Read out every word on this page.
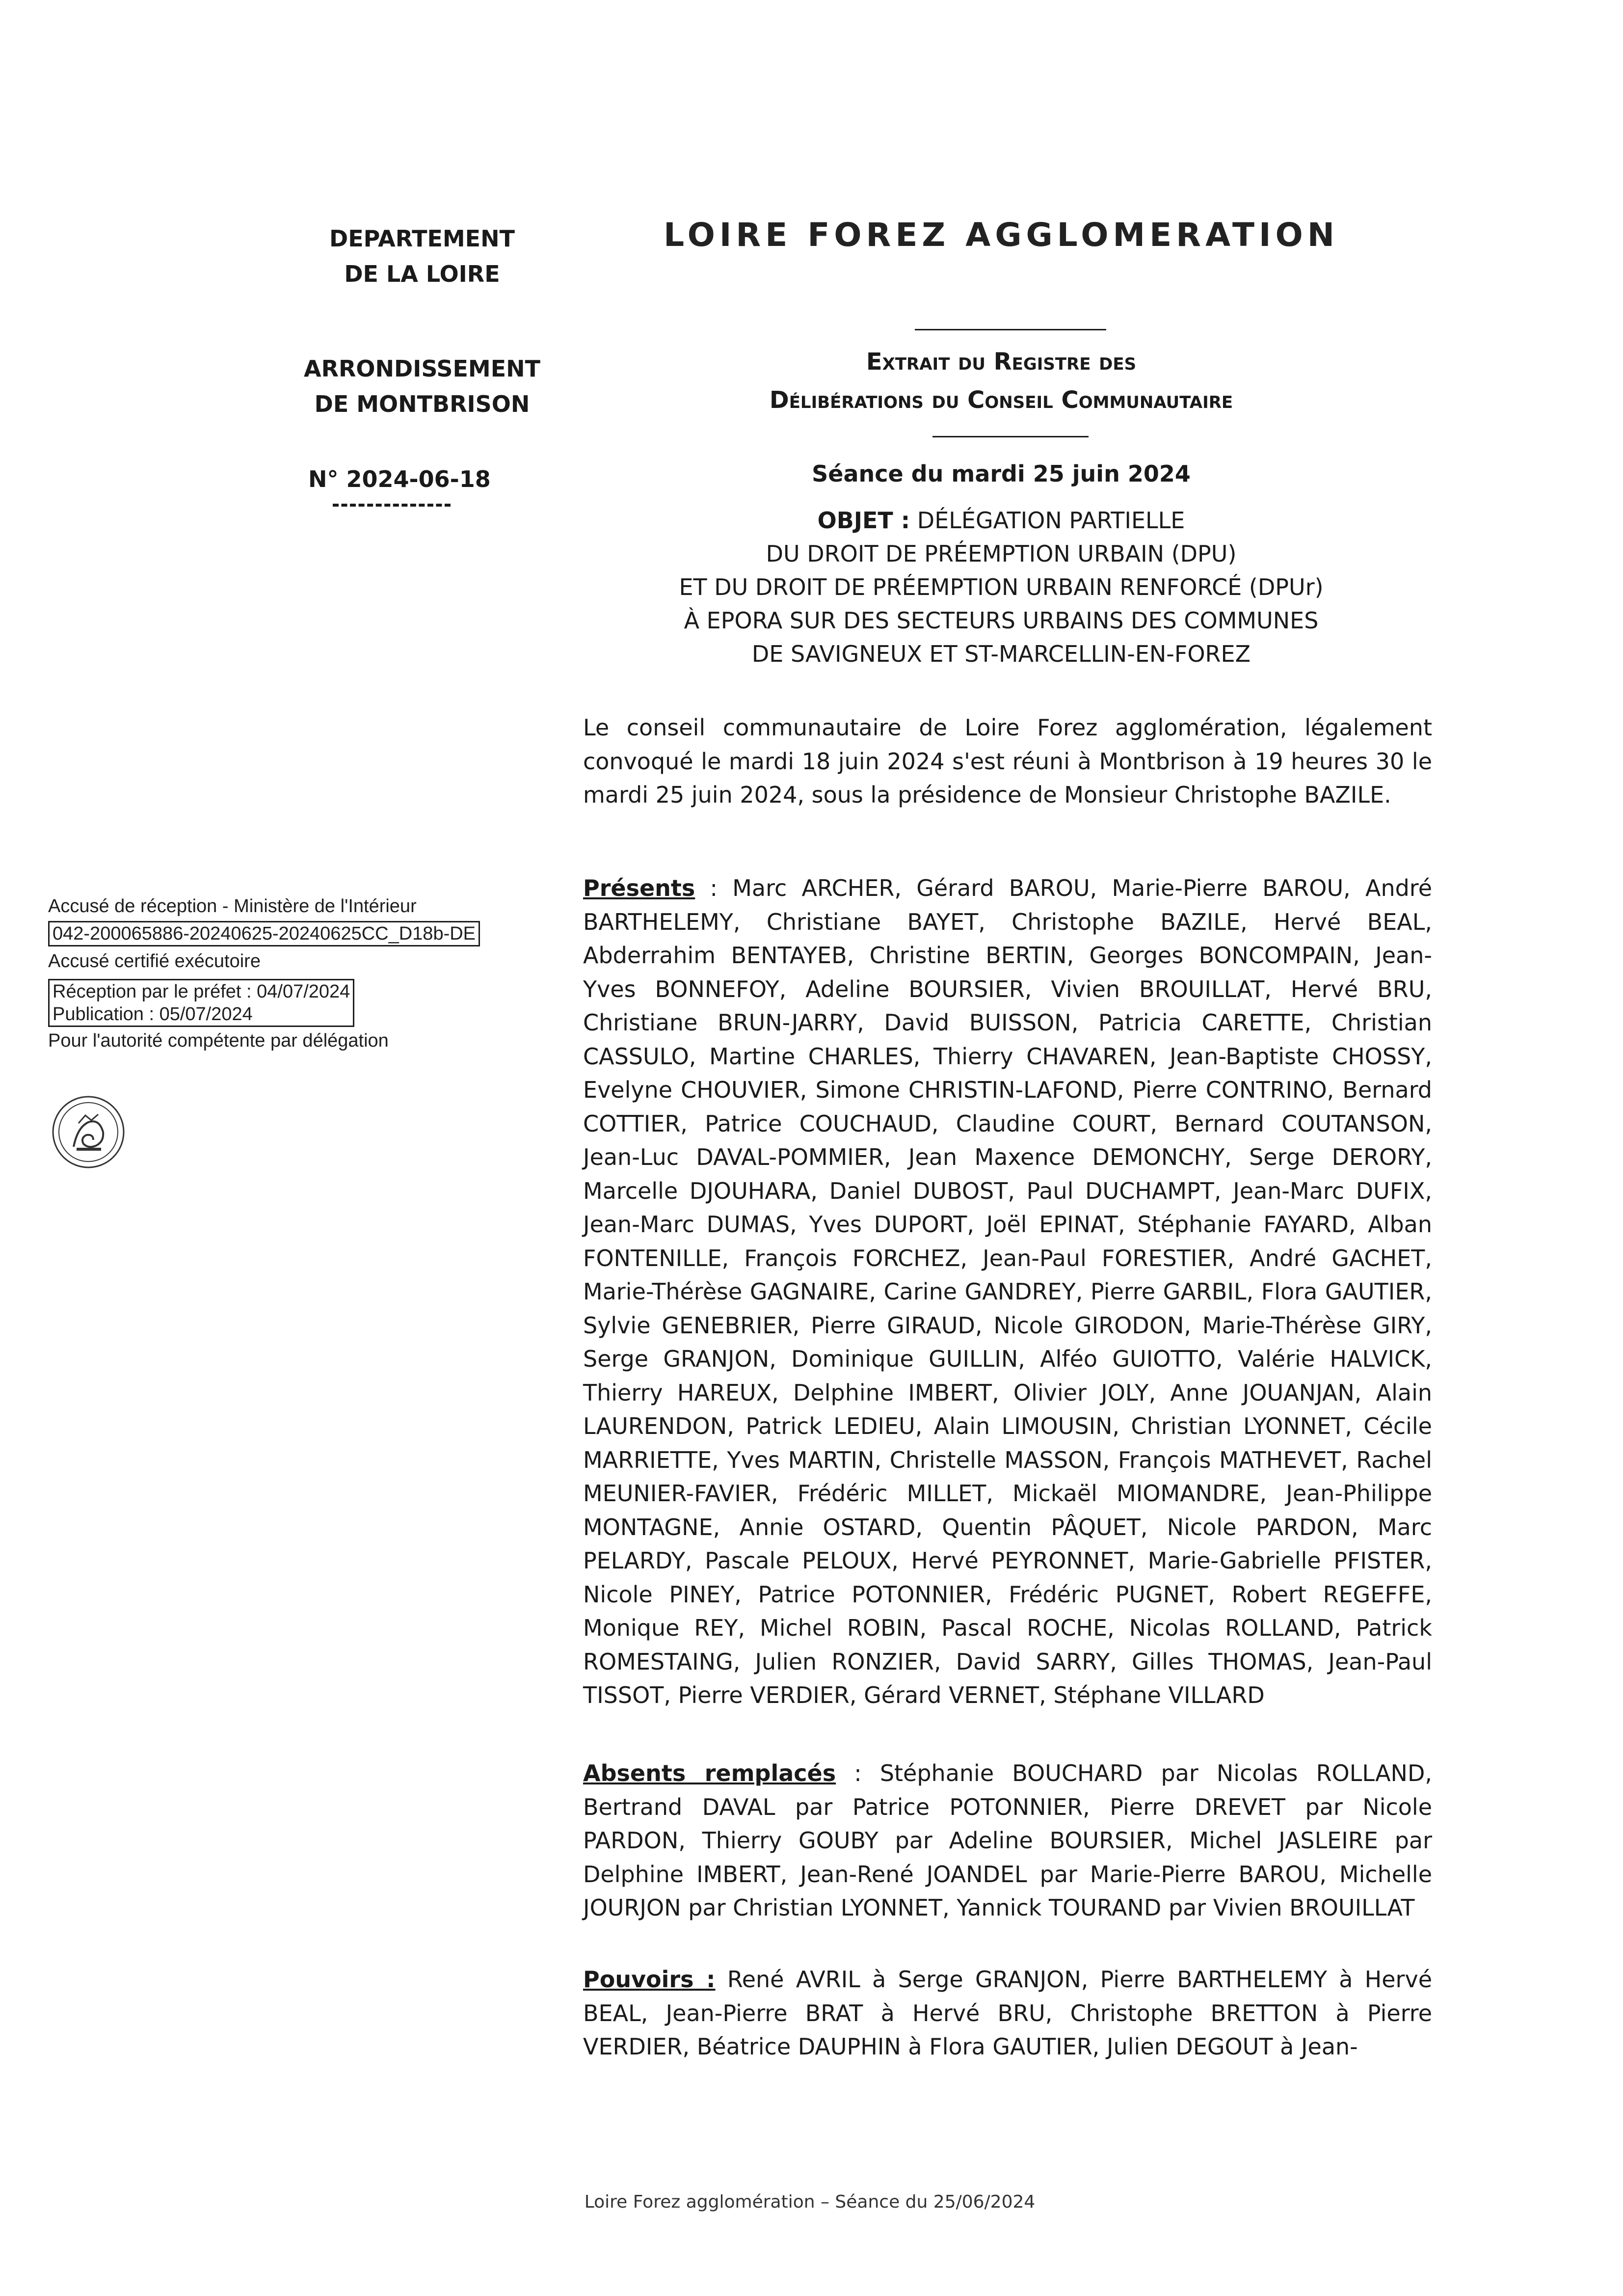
DEPARTEMENT
DE LA LOIRE
ARRONDISSEMENT
DE MONTBRISON
N° 2024-06-18
LOIRE FOREZ AGGLOMERATION
Extrait du Registre des
Délibérations du Conseil Communautaire
Séance du mardi 25 juin 2024
OBJET : DÉLÉGATION PARTIELLE
DU DROIT DE PRÉEMPTION URBAIN (DPU)
ET DU DROIT DE PRÉEMPTION URBAIN RENFORCÉ (DPUr)
À EPORA SUR DES SECTEURS URBAINS DES COMMUNES
DE SAVIGNEUX ET ST-MARCELLIN-EN-FOREZ
Le conseil communautaire de Loire Forez agglomération, légalement convoqué le mardi 18 juin 2024 s'est réuni à Montbrison à 19 heures 30 le mardi 25 juin 2024, sous la présidence de Monsieur Christophe BAZILE.
Présents : Marc ARCHER, Gérard BAROU, Marie-Pierre BAROU, André BARTHELEMY, Christiane BAYET, Christophe BAZILE, Hervé BEAL, Abderrahim BENTAYEB, Christine BERTIN, Georges BONCOMPAIN, Jean-Yves BONNEFOY, Adeline BOURSIER, Vivien BROUILLAT, Hervé BRU, Christiane BRUN-JARRY, David BUISSON, Patricia CARETTE, Christian CASSULO, Martine CHARLES, Thierry CHAVAREN, Jean-Baptiste CHOSSY, Evelyne CHOUVIER, Simone CHRISTIN-LAFOND, Pierre CONTRINO, Bernard COTTIER, Patrice COUCHAUD, Claudine COURT, Bernard COUTANSON, Jean-Luc DAVAL-POMMIER, Jean Maxence DEMONCHY, Serge DERORY, Marcelle DJOUHARA, Daniel DUBOST, Paul DUCHAMPT, Jean-Marc DUFIX, Jean-Marc DUMAS, Yves DUPORT, Joël EPINAT, Stéphanie FAYARD, Alban FONTENILLE, François FORCHEZ, Jean-Paul FORESTIER, André GACHET, Marie-Thérèse GAGNAIRE, Carine GANDREY, Pierre GARBIL, Flora GAUTIER, Sylvie GENEBRIER, Pierre GIRAUD, Nicole GIRODON, Marie-Thérèse GIRY, Serge GRANJON, Dominique GUILLIN, Alféo GUIOTTO, Valérie HALVICK, Thierry HAREUX, Delphine IMBERT, Olivier JOLY, Anne JOUANJAN, Alain LAURENDON, Patrick LEDIEU, Alain LIMOUSIN, Christian LYONNET, Cécile MARRIETTE, Yves MARTIN, Christelle MASSON, François MATHEVET, Rachel MEUNIER-FAVIER, Frédéric MILLET, Mickaël MIOMANDRE, Jean-Philippe MONTAGNE, Annie OSTARD, Quentin PÂQUET, Nicole PARDON, Marc PELARDY, Pascale PELOUX, Hervé PEYRONNET, Marie-Gabrielle PFISTER, Nicole PINEY, Patrice POTONNIER, Frédéric PUGNET, Robert REGEFFE, Monique REY, Michel ROBIN, Pascal ROCHE, Nicolas ROLLAND, Patrick ROMESTAING, Julien RONZIER, David SARRY, Gilles THOMAS, Jean-Paul TISSOT, Pierre VERDIER, Gérard VERNET, Stéphane VILLARD
Absents remplacés : Stéphanie BOUCHARD par Nicolas ROLLAND, Bertrand DAVAL par Patrice POTONNIER, Pierre DREVET par Nicole PARDON, Thierry GOUBY par Adeline BOURSIER, Michel JASLEIRE par Delphine IMBERT, Jean-René JOANDEL par Marie-Pierre BAROU, Michelle JOURJON par Christian LYONNET, Yannick TOURAND par Vivien BROUILLAT
Pouvoirs : René AVRIL à Serge GRANJON, Pierre BARTHELEMY à Hervé BEAL, Jean-Pierre BRAT à Hervé BRU, Christophe BRETTON à Pierre VERDIER, Béatrice DAUPHIN à Flora GAUTIER, Julien DEGOUT à Jean-
Accusé de réception - Ministère de l'Intérieur
042-200065886-20240625-20240625CC_D18b-DE
Accusé certifié exécutoire
Réception par le préfet : 04/07/2024
Publication : 05/07/2024
Pour l'autorité compétente par délégation
Loire Forez agglomération – Séance du 25/06/2024
